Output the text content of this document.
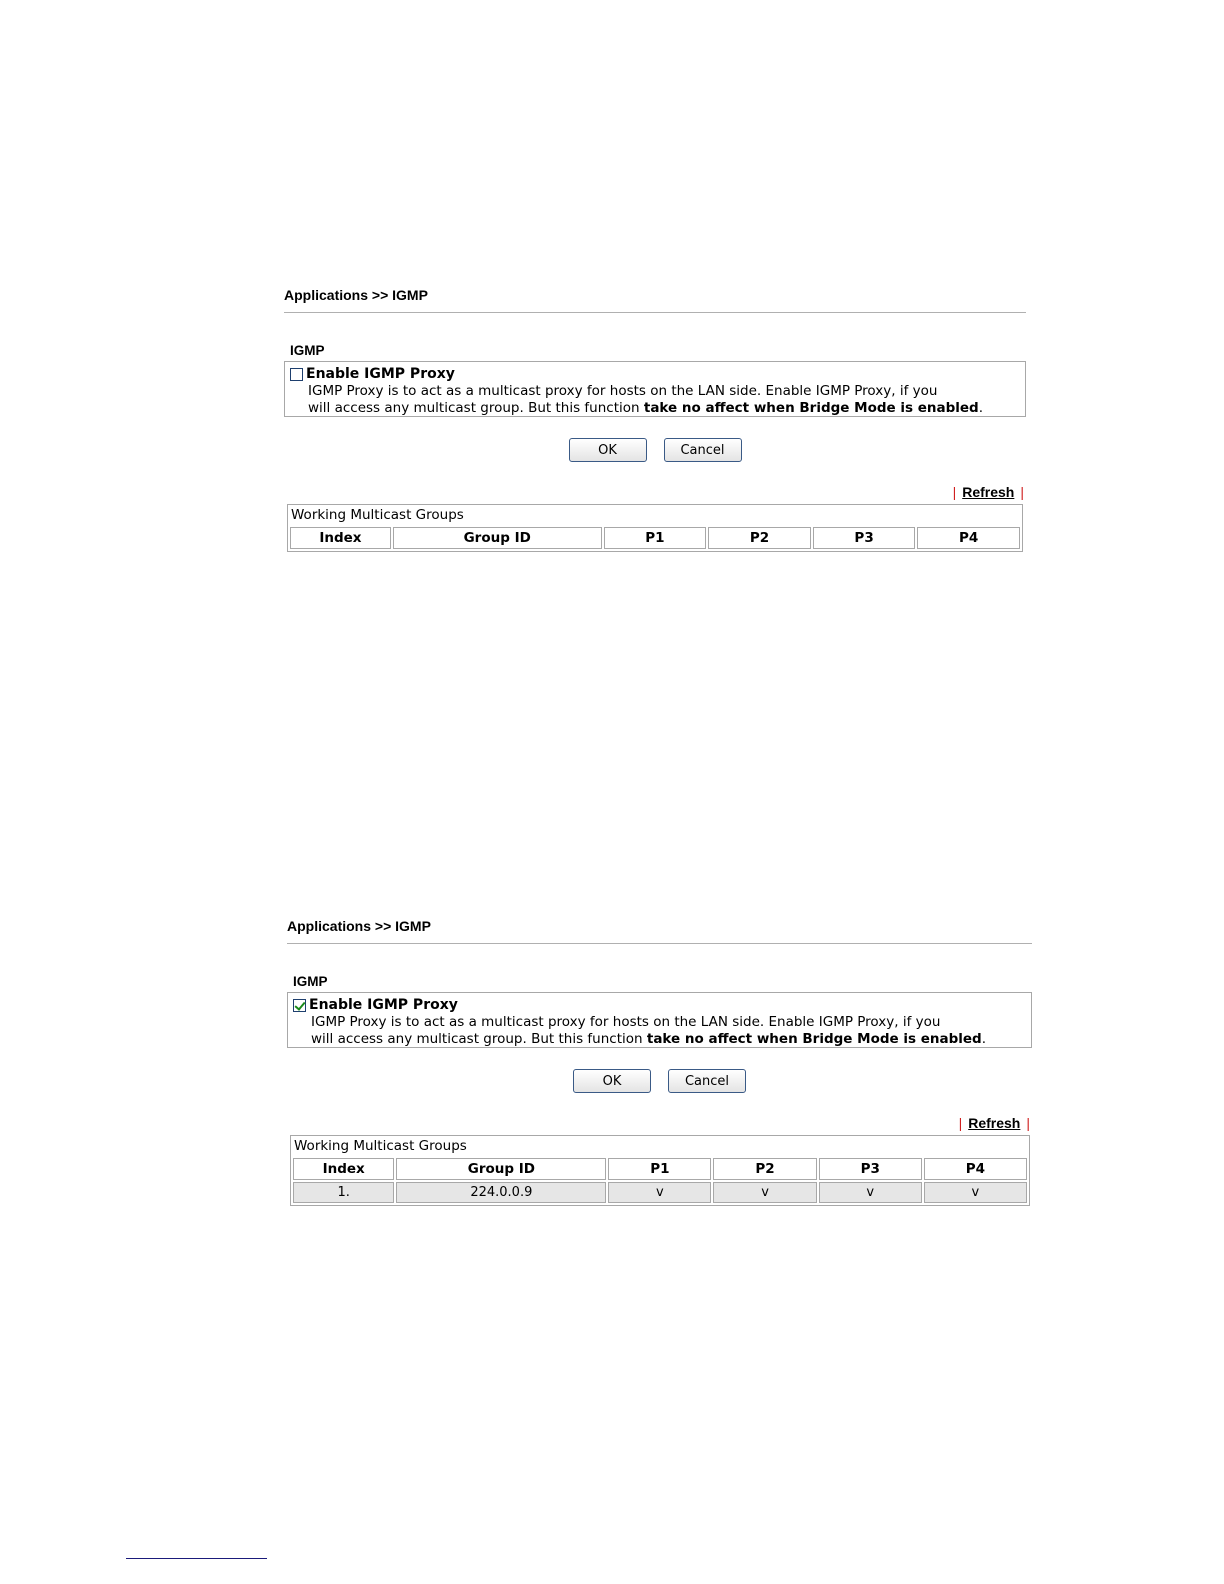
Applications >> IGMP
IGMP
Enable IGMP Proxy
IGMP Proxy is to act as a multicast proxy for hosts on the LAN side. Enable IGMP Proxy, if you
will access any multicast group. But this function take no affect when Bridge Mode is enabled.
OK	Cancel
| Refresh |
Working Multicast Groups
Index	Group ID	P1	P2	P3	P4
Applications >> IGMP
IGMP
Enable IGMP Proxy
IGMP Proxy is to act as a multicast proxy for hosts on the LAN side. Enable IGMP Proxy, if you
will access any multicast group. But this function take no affect when Bridge Mode is enabled.
OK	Cancel
| Refresh |
Working Multicast Groups
Index	Group ID	P1	P2	P3	P4
1.	224.0.0.9	v	v	v	v
